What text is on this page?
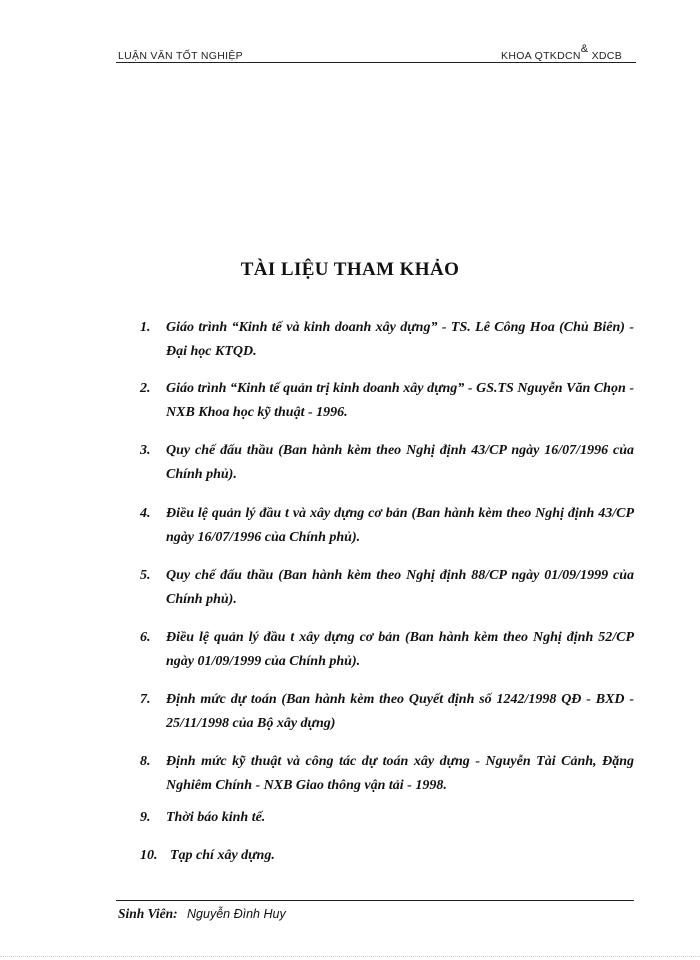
LUẬN VĂN TỐT NGHIỆP	KHOA QTKDCN& XDCB
TÀI LIỆU THAM KHẢO
1. Giáo trình “Kinh tế và kinh doanh xây dựng” - TS. Lê Công Hoa (Chủ Biên) - Đại học KTQD.
2. Giáo trình “Kinh tế quản trị kinh doanh xây dựng” - GS.TS Nguyễn Văn Chọn - NXB Khoa học kỹ thuật - 1996.
3. Quy chế đấu thầu (Ban hành kèm theo Nghị định 43/CP ngày 16/07/1996 của Chính phủ).
4. Điều lệ quản lý đầu t và xây dựng cơ bản (Ban hành kèm theo Nghị định 43/CP ngày 16/07/1996 của Chính phủ).
5. Quy chế đấu thầu (Ban hành kèm theo Nghị định 88/CP ngày 01/09/1999 của Chính phủ).
6. Điều lệ quản lý đầu t xây dựng cơ bản (Ban hành kèm theo Nghị định 52/CP ngày 01/09/1999 của Chính phủ).
7. Định mức dự toán (Ban hành kèm theo Quyết định số 1242/1998 QĐ - BXD - 25/11/1998 của Bộ xây dựng)
8. Định mức kỹ thuật và công tác dự toán xây dựng - Nguyễn Tài Cảnh, Đặng Nghiêm Chính - NXB Giao thông vận tải - 1998.
9. Thời báo kinh tế.
10. Tạp chí xây dựng.
Sinh Viên: Nguyễn Đình Huy
